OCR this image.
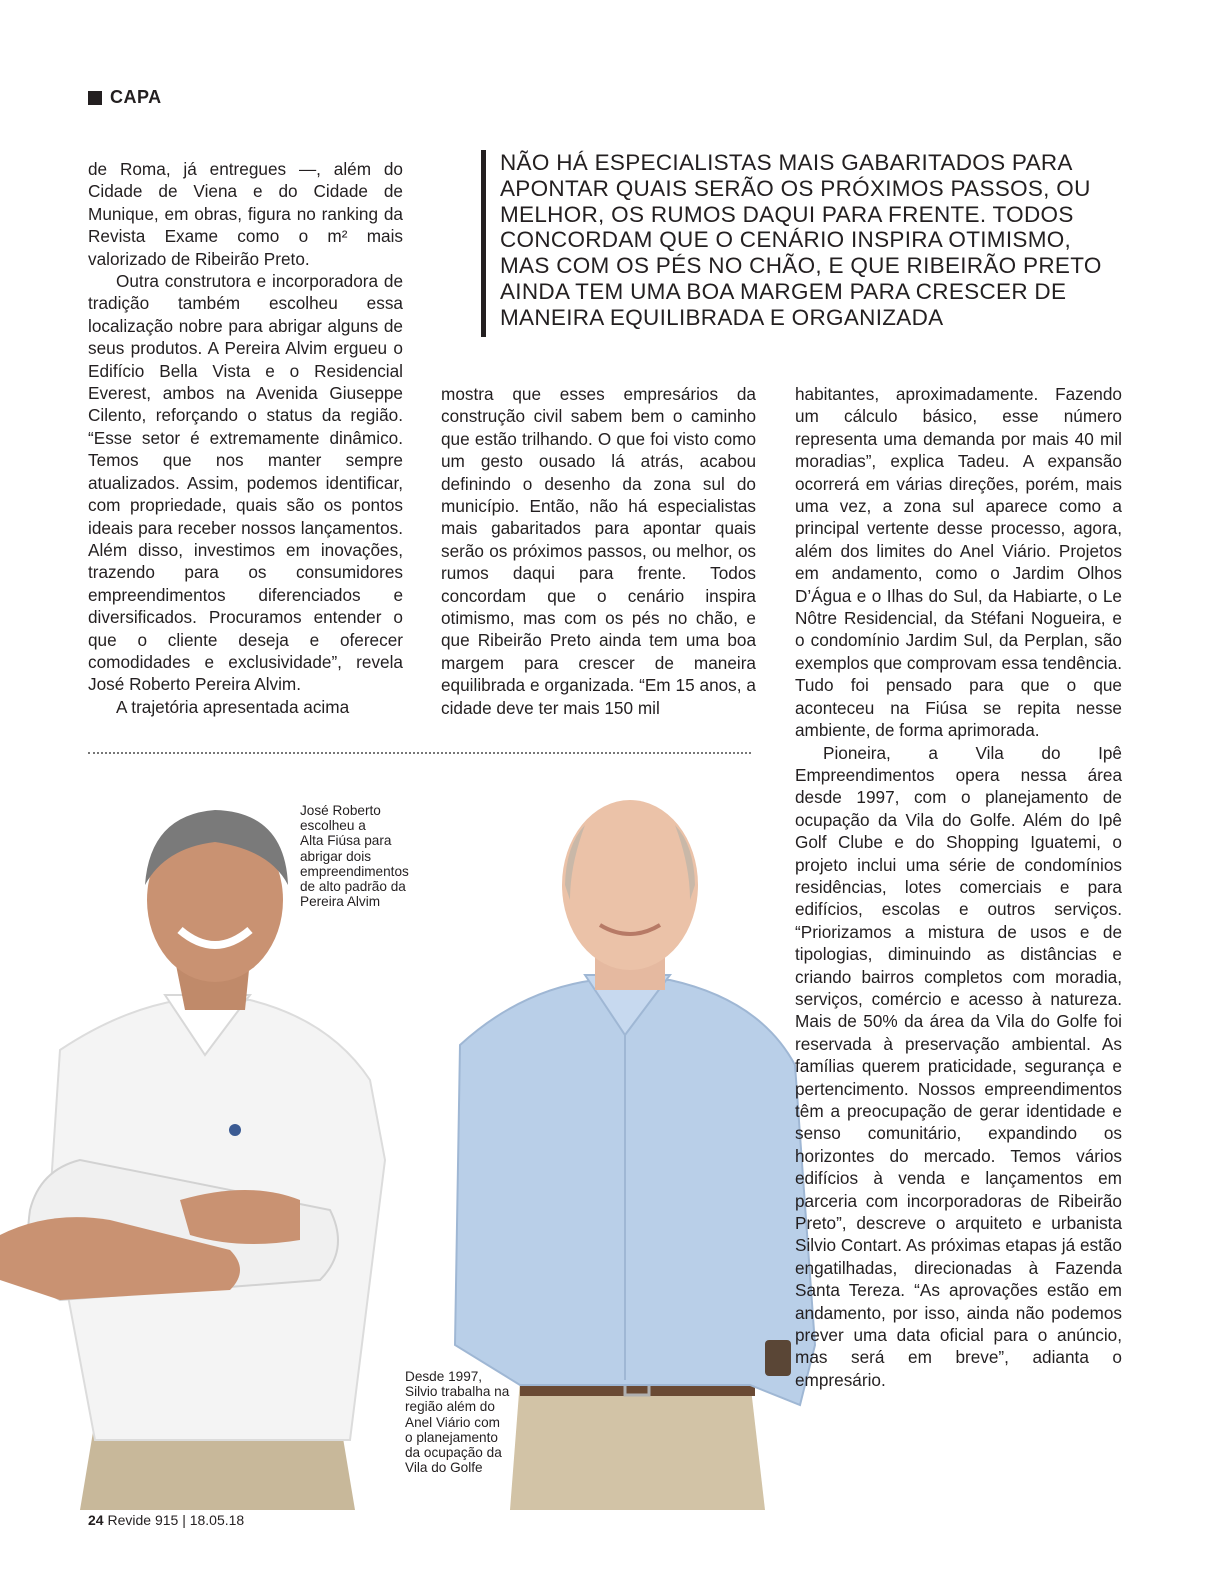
CAPA

de Roma, já entregues —, além do Cidade de Viena e do Cidade de Munique, em obras, figura no ranking da Revista Exame como o m² mais valorizado de Ribeirão Preto.

Outra construtora e incorporadora de tradição também escolheu essa localização nobre para abrigar alguns de seus produtos. A Pereira Alvim ergueu o Edifício Bella Vista e o Residencial Everest, ambos na Avenida Giuseppe Cilento, reforçando o status da região. “Esse setor é extremamente dinâmico. Temos que nos manter sempre atualizados. Assim, podemos identificar, com propriedade, quais são os pontos ideais para receber nossos lançamentos. Além disso, investimos em inovações, trazendo para os consumidores empreendimentos diferenciados e diversificados. Procuramos entender o que o cliente deseja e oferecer comodidades e exclusividade”, revela José Roberto Pereira Alvim.

A trajetória apresentada acima

NÃO HÁ ESPECIALISTAS MAIS GABARITADOS PARA
APONTAR QUAIS SERÃO OS PRÓXIMOS PASSOS, OU
MELHOR, OS RUMOS DAQUI PARA FRENTE. TODOS
CONCORDAM QUE O CENÁRIO INSPIRA OTIMISMO,
MAS COM OS PÉS NO CHÃO, E QUE RIBEIRÃO PRETO
AINDA TEM UMA BOA MARGEM PARA CRESCER DE
MANEIRA EQUILIBRADA E ORGANIZADA

mostra que esses empresários da construção civil sabem bem o caminho que estão trilhando. O que foi visto como um gesto ousado lá atrás, acabou definindo o desenho da zona sul do município. Então, não há especialistas mais gabaritados para apontar quais serão os próximos passos, ou melhor, os rumos daqui para frente. Todos concordam que o cenário inspira otimismo, mas com os pés no chão, e que Ribeirão Preto ainda tem uma boa margem para crescer de maneira equilibrada e organizada. “Em 15 anos, a cidade deve ter mais 150 mil

José Roberto
escolheu a
Alta Fiúsa para
abrigar dois
empreendimentos
de alto padrão da
Pereira Alvim
Desde 1997,
Silvio trabalha na
região além do
Anel Viário com
o planejamento
da ocupação da
Vila do Golfe

habitantes, aproximadamente. Fazendo um cálculo básico, esse número representa uma demanda por mais 40 mil moradias”, explica Tadeu. A expansão ocorrerá em várias direções, porém, mais uma vez, a zona sul aparece como a principal vertente desse processo, agora, além dos limites do Anel Viário. Projetos em andamento, como o Jardim Olhos D’Água e o Ilhas do Sul, da Habiarte, o Le Nôtre Residencial, da Stéfani Nogueira, e o condomínio Jardim Sul, da Perplan, são exemplos que comprovam essa tendência. Tudo foi pensado para que o que aconteceu na Fiúsa se repita nesse ambiente, de forma aprimorada.

Pioneira, a Vila do Ipê Empreendimentos opera nessa área desde 1997, com o planejamento de ocupação da Vila do Golfe. Além do Ipê Golf Clube e do Shopping Iguatemi, o projeto inclui uma série de condomínios residências, lotes comerciais e para edifícios, escolas e outros serviços. “Priorizamos a mistura de usos e de tipologias, diminuindo as distâncias e criando bairros completos com moradia, serviços, comércio e acesso à natureza. Mais de 50% da área da Vila do Golfe foi reservada à preservação ambiental. As famílias querem praticidade, segurança e pertencimento. Nossos empreendimentos têm a preocupação de gerar identidade e senso comunitário, expandindo os horizontes do mercado. Temos vários edifícios à venda e lançamentos em parceria com incorporadoras de Ribeirão Preto”, descreve o arquiteto e urbanista Silvio Contart. As próximas etapas já estão engatilhadas, direcionadas à Fazenda Santa Tereza. “As aprovações estão em andamento, por isso, ainda não podemos prever uma data oficial para o anúncio, mas será em breve”, adianta o empresário.

24 Revide 915 | 18.05.18
